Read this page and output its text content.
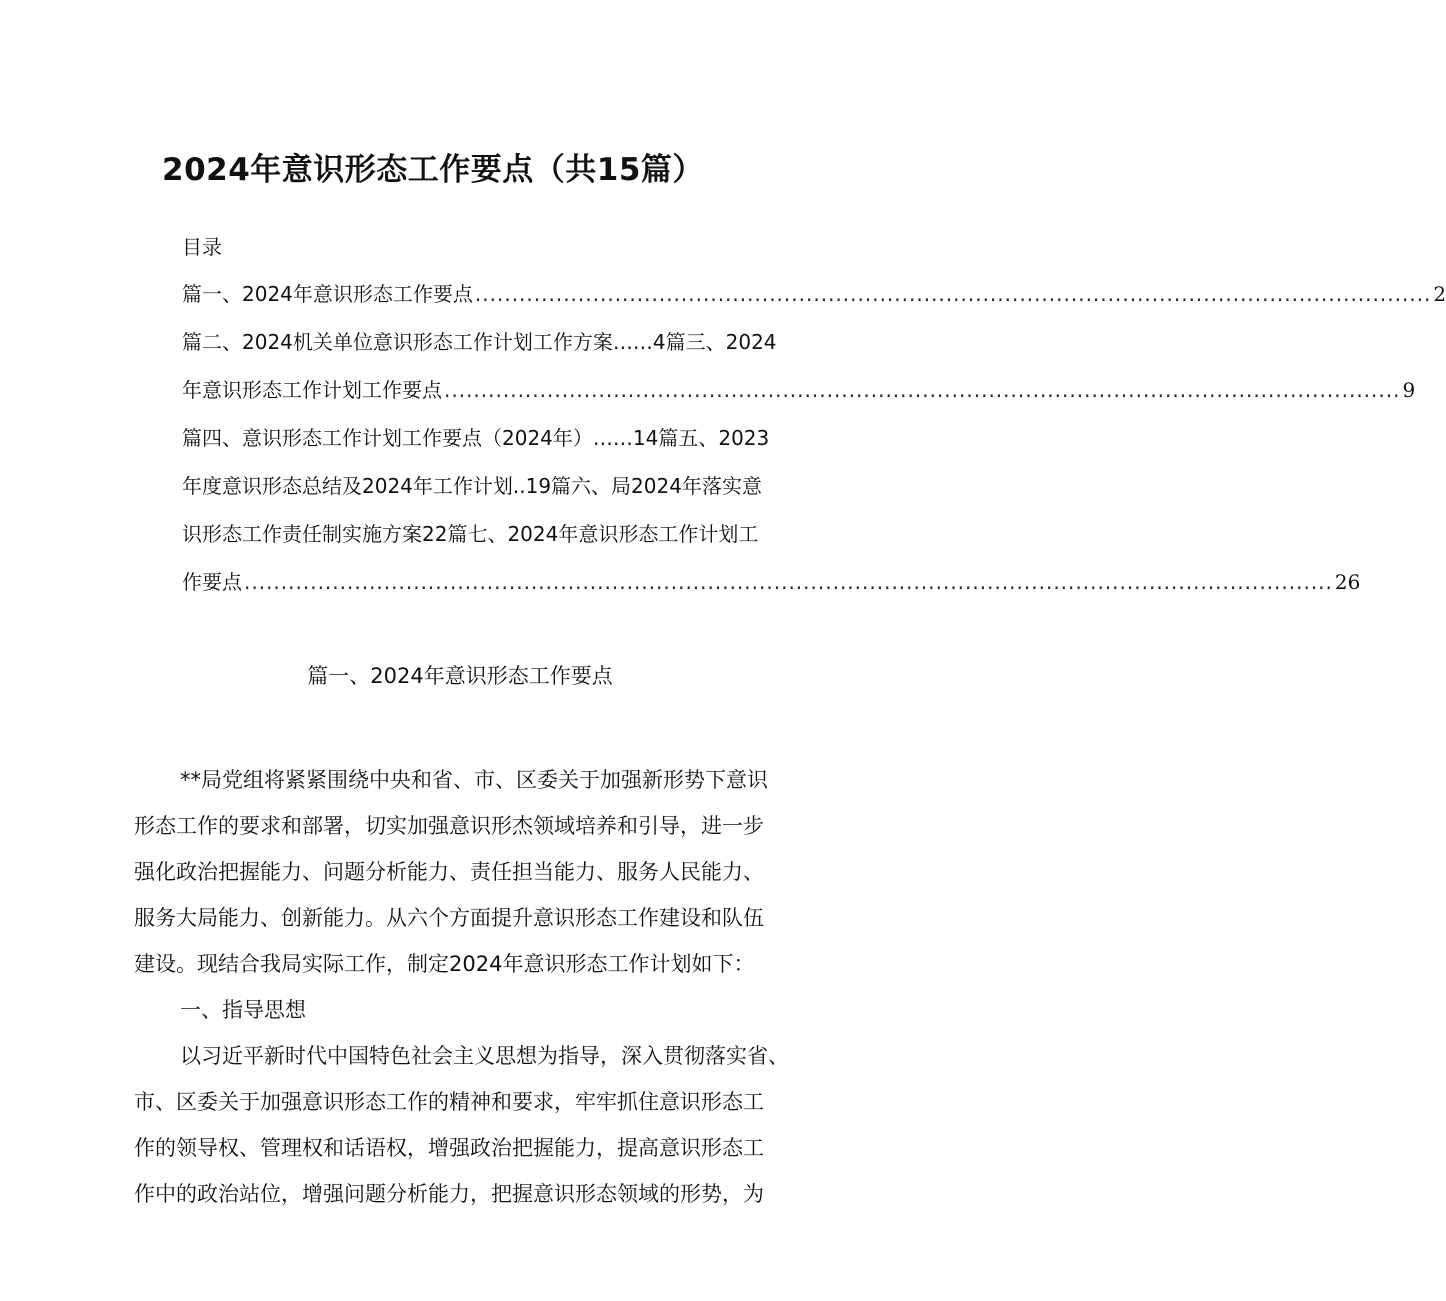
2024年意识形态工作要点（共15篇）
目录
篇一、2024年意识形态工作要点 .................................................................................................................................. 2
篇二、2024机关单位意识形态工作计划工作方案……4篇三、2024
年意识形态工作计划工作要点 .................................................................................................................................. 9
篇四、意识形态工作计划工作要点（2024年）……14篇五、2023
年度意识形态总结及2024年工作计划..19篇六、局2024年落实意
识形态工作责任制实施方案22篇七、2024年意识形态工作计划工
作要点 .................................................................................................................................................... 26
篇一、2024年意识形态工作要点
**局党组将紧紧围绕中央和省、市、区委关于加强新形势下意识
形态工作的要求和部署，切实加强意识形杰领域培养和引导，进一步
强化政治把握能力、问题分析能力、责任担当能力、服务人民能力、
服务大局能力、创新能力。从六个方面提升意识形态工作建设和队伍
建设。现结合我局实际工作，制定2024年意识形态工作计划如下：
一、指导思想
以习近平新时代中国特色社会主义思想为指导，深入贯彻落实省、
市、区委关于加强意识形态工作的精神和要求，牢牢抓住意识形态工
作的领导权、管理权和话语权，增强政治把握能力，提高意识形态工
作中的政治站位，增强问题分析能力，把握意识形态领域的形势，为
